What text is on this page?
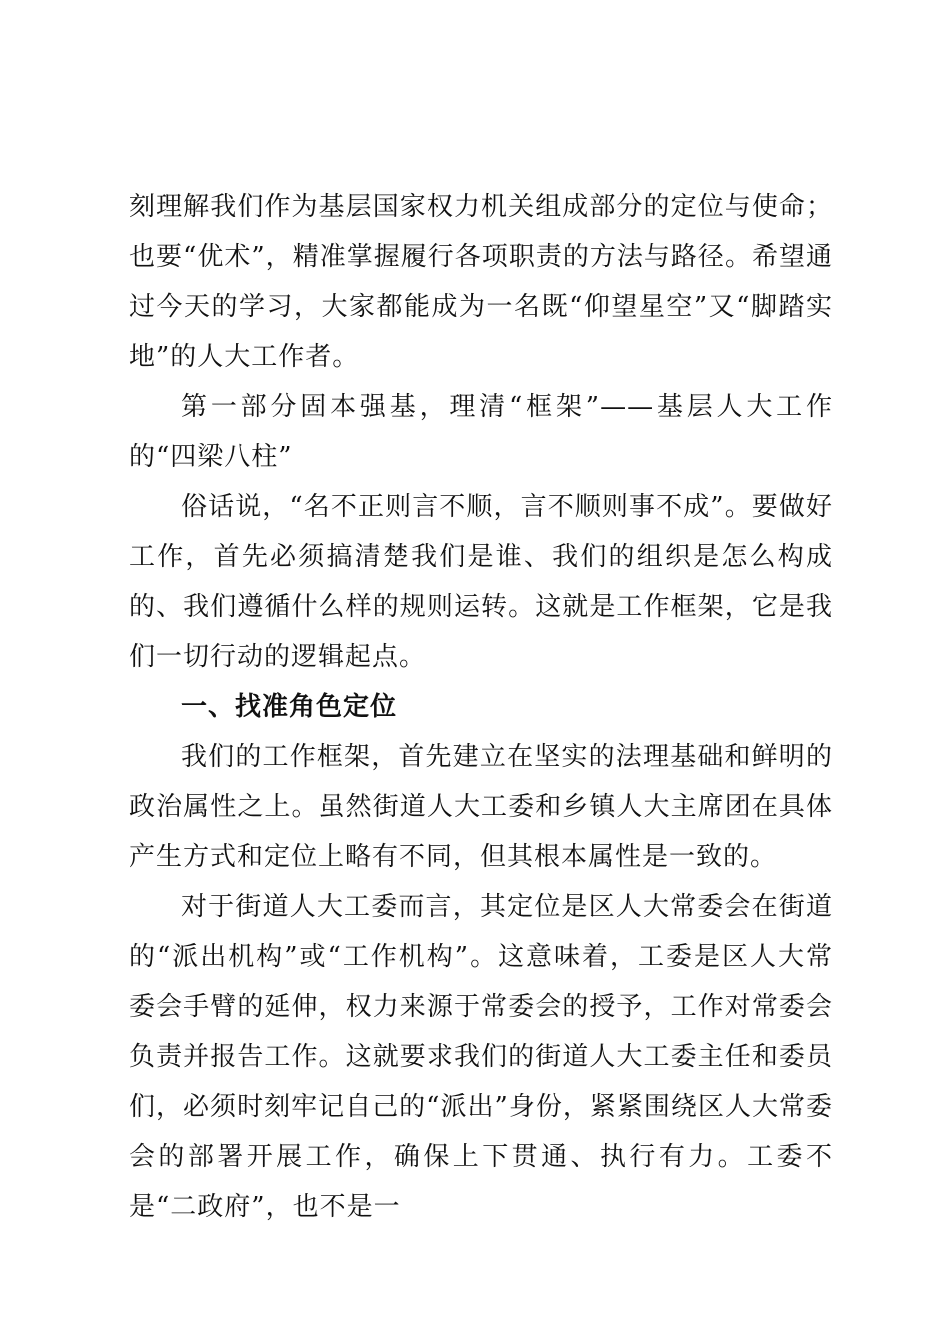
刻理解我们作为基层国家权力机关组成部分的定位与使命；也要“优术”，精准掌握履行各项职责的方法与路径。希望通过今天的学习，大家都能成为一名既“仰望星空”又“脚踏实地”的人大工作者。

第一部分固本强基，理清“框架”——基层人大工作的“四梁八柱”

俗话说，“名不正则言不顺，言不顺则事不成”。要做好工作，首先必须搞清楚我们是谁、我们的组织是怎么构成的、我们遵循什么样的规则运转。这就是工作框架，它是我们一切行动的逻辑起点。

一、找准角色定位

我们的工作框架，首先建立在坚实的法理基础和鲜明的政治属性之上。虽然街道人大工委和乡镇人大主席团在具体产生方式和定位上略有不同，但其根本属性是一致的。

对于街道人大工委而言，其定位是区人大常委会在街道的“派出机构”或“工作机构”。这意味着，工委是区人大常委会手臂的延伸，权力来源于常委会的授予，工作对常委会负责并报告工作。这就要求我们的街道人大工委主任和委员们，必须时刻牢记自己的“派出”身份，紧紧围绕区人大常委会的部署开展工作，确保上下贯通、执行有力。工委不是“二政府”，也不是一
